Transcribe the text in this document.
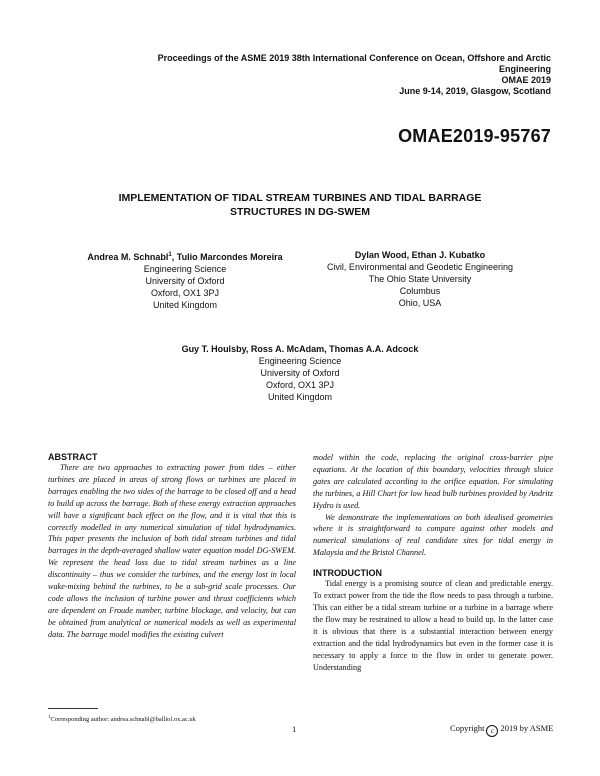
Proceedings of the ASME 2019 38th International Conference on Ocean, Offshore and Arctic
Engineering
OMAE 2019
June 9-14, 2019, Glasgow, Scotland
OMAE2019-95767
IMPLEMENTATION OF TIDAL STREAM TURBINES AND TIDAL BARRAGE
STRUCTURES IN DG-SWEM
Andrea M. Schnabl$^1$, Tulio Marcondes Moreira
Engineering Science
University of Oxford
Oxford, OX1 3PJ
United Kingdom
Dylan Wood, Ethan J. Kubatko
Civil, Environmental and Geodetic Engineering
The Ohio State University
Columbus
Ohio, USA
Guy T. Houlsby, Ross A. McAdam, Thomas A.A. Adcock
Engineering Science
University of Oxford
Oxford, OX1 3PJ
United Kingdom
ABSTRACT

There are two approaches to extracting power from tides – either turbines are placed in areas of strong flows or turbines are placed in barrages enabling the two sides of the barrage to be closed off and a head to build up across the barrage. Both of these energy extraction approaches will have a significant back effect on the flow, and it is vital that this is correctly modelled in any numerical simulation of tidal hydrodynamics. This paper presents the inclusion of both tidal stream turbines and tidal barrages in the depth-averaged shallow water equation model DG-SWEM. We represent the head loss due to tidal stream turbines as a line discontinuity – thus we consider the turbines, and the energy lost in local wake-mixing behind the turbines, to be a sub-grid scale processes. Our code allows the inclusion of turbine power and thrust coefficients which are dependent on Froude number, turbine blockage, and velocity, but can be obtained from analytical or numerical models as well as experimental data. The barrage model modifies the existing culvert

model within the code, replacing the original cross-barrier pipe equations. At the location of this boundary, velocities through sluice gates are calculated according to the orifice equation. For simulating the turbines, a Hill Chart for low head bulb turbines provided by Andritz Hydro is used.

We demonstrate the implementations on both idealised geometries where it is straightforward to compare against other models and numerical simulations of real candidate sites for tidal energy in Malaysia and the Bristol Channel.

INTRODUCTION

Tidal energy is a promising source of clean and predictable energy. To extract power from the tide the flow needs to pass through a turbine. This can either be a tidal stream turbine or a turbine in a barrage where the flow may be restrained to allow a head to build up. In the latter case it is obvious that there is a substantial interaction between energy extraction and the tidal hydrodynamics but even in the former case it is necessary to apply a force to the flow in order to generate power. Understanding

$^1$Corresponding author: andrea.schnabl@balliol.ox.ac.uk
1	Copyright c 2019 by ASME
